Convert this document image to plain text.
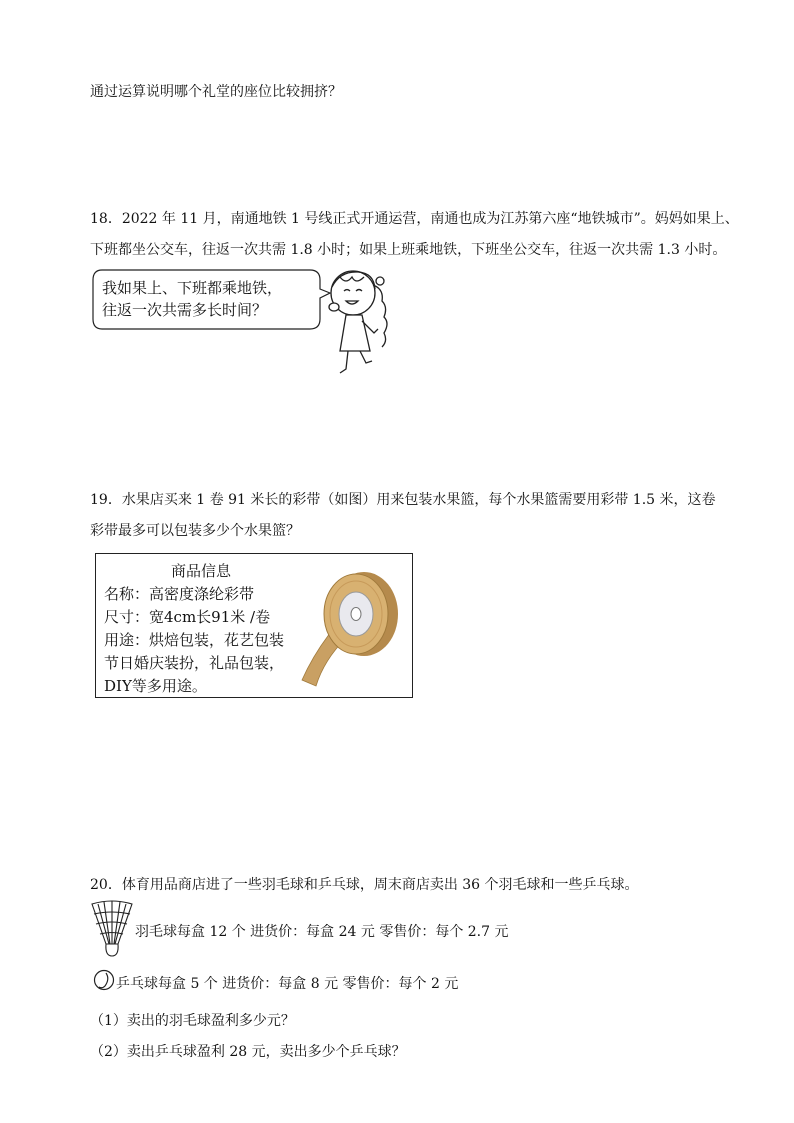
通过运算说明哪个礼堂的座位比较拥挤？
18．2022 年 11 月，南通地铁 1 号线正式开通运营，南通也成为江苏第六座“地铁城市”。妈妈如果上、
下班都坐公交车，往返一次共需 1.8 小时；如果上班乘地铁，下班坐公交车，往返一次共需 1.3 小时。
我如果上、下班都乘地铁，
往返一次共需多长时间？
19．水果店买来 1 卷 91 米长的彩带（如图）用来包装水果篮，每个水果篮需要用彩带 1.5 米，这卷
彩带最多可以包装多少个水果篮？
商品信息
名称：高密度涤纶彩带
尺寸：宽4cm长91米 /卷
用途：烘焙包装，花艺包装
节日婚庆装扮，礼品包装，
DIY等多用途。
20．体育用品商店进了一些羽毛球和乒乓球，周末商店卖出 36 个羽毛球和一些乒乓球。
羽毛球每盒 12 个 进货价：每盒 24 元 零售价：每个 2.7 元
乒乓球每盒 5 个 进货价：每盒 8 元 零售价：每个 2 元
（1）卖出的羽毛球盈利多少元？
（2）卖出乒乓球盈利 28 元，卖出多少个乒乓球？
